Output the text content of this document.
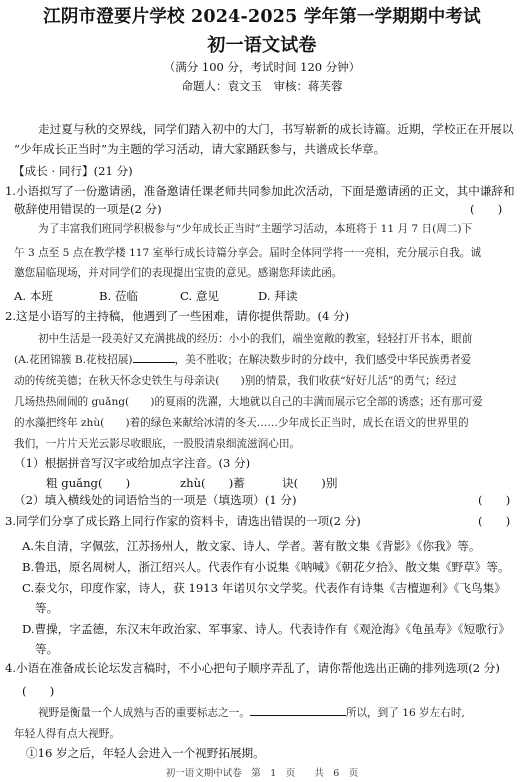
江阴市澄要片学校 2024-2025 学年第一学期期中考试
初一语文试卷
（满分 100 分，考试时间 120 分钟）
命题人：袁文玉　审核：蒋芙蓉
走过夏与秋的交界线，同学们踏入初中的大门，书写崭新的成长诗篇。近期，学校正在开展以
“少年成长正当时”为主题的学习活动，请大家踊跃参与，共谱成长华章。
【成长 · 同行】(21 分)
1.小语拟写了一份邀请函，准备邀请任课老师共同参加此次活动，下面是邀请函的正文，其中谦辞和
敬辞使用错误的一项是(2 分)	(　　)
为了丰富我们班同学积极参与“少年成长正当时”主题学习活动，本班将于 11 月 7 日(周二)下
午 3 点至 5 点在教学楼 117 室举行成长诗篇分享会。届时全体同学将一一亮相，充分展示自我。诚
邀您届临现场，并对同学们的表现提出宝贵的意见。感谢您拜读此函。
A. 本班	B. 莅临	C. 意见	D. 拜读
2.这是小语写的主持稿，他遇到了一些困难，请你提供帮助。(4 分)
初中生活是一段美好又充满挑战的经历：小小的我们，端坐宽敞的教室，轻轻打开书本，眼前
(A.花团锦簇 B.花枝招展)	，美不胜收；在解决数步时的分歧中，我们感受中华民族勇者爱
动的传统美德；在秋天怀念史铁生与母亲诀(　　)别的情景，我们收获“好好儿活”的勇气；经过
几场热热闹闹的 guǎng(　　)的夏雨的洗濯，大地就以自己的丰满而展示它全部的诱惑；还有那可爱
的水藻把终年 zhù(　　)着的绿色来献给冰清的冬天……少年成长正当时，成长在语文的世界里的
我们，一片片天光云影尽收眼底，一股股清泉细流滋润心田。
（1）根据拼音写汉字或给加点字注音。(3 分)
粗 guǎng(　　)	zhù(　　)蓄	诀(　　)别
（2）填入横线处的词语恰当的一项是（填选项）(1 分)	(　　)
3.同学们分享了成长路上同行作家的资料卡，请选出错误的一项(2 分)	(　　)
A.朱自清，字佩弦，江苏扬州人，散文家、诗人、学者。著有散文集《背影》《你我》等。
B.鲁迅，原名周树人，浙江绍兴人。代表作有小说集《呐喊》《朝花夕拾》、散文集《野草》等。
C.泰戈尔，印度作家，诗人，获 1913 年诺贝尔文学奖。代表作有诗集《吉檀迦利》《飞鸟集》
等。
D.曹操，字孟德，东汉末年政治家、军事家、诗人。代表诗作有《观沧海》《龟虽寿》《短歌行》
等。
4.小语在准备成长论坛发言稿时，不小心把句子顺序弄乱了，请你帮他选出正确的排列选项(2 分)
(　　)
视野是衡量一个人成熟与否的重要标志之一。	所以，到了 16 岁左右时,
年轻人得有点大视野。
①16 岁之后，年轻人会进入一个视野拓展期。
初一语文期中试卷　第　1　页　　共　6　页
